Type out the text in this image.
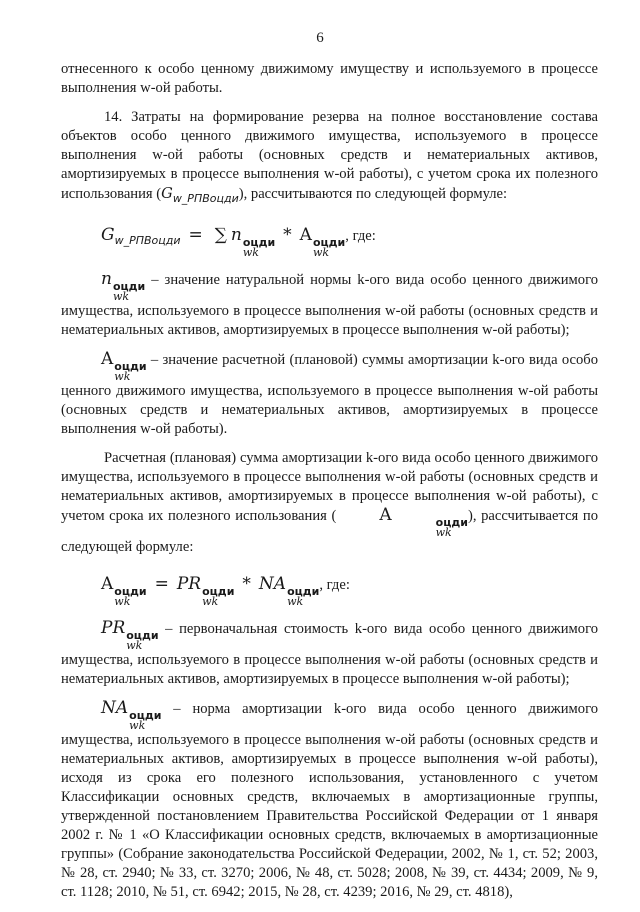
6

отнесенного к особо ценному движимому имуществу и используемого в процессе выполнения w-ой работы.

14. Затраты на формирование резерва на полное восстановление состава объектов особо ценного движимого имущества, используемого в процессе выполнения w-ой работы (основных средств и нематериальных активов, амортизируемых в процессе выполнения w-ой работы), с учетом срока их полезного использования $(G_{w\_РПВоцди})$, рассчитываются по следующей формуле:

$G_{w\_РПВоцди}$ = ∑ n оцди
wk
* A оцди
wk
, где:

n оцди
wk
– значение натуральной нормы k-ого вида особо ценного движимого имущества, используемого в процессе выполнения w-ой работы (основных средств и нематериальных активов, амортизируемых в процессе выполнения w-ой работы);

A оцди
wk
– значение расчетной (плановой) суммы амортизации k-ого вида особо ценного движимого имущества, используемого в процессе выполнения w-ой работы (основных средств и нематериальных активов, амортизируемых в процессе выполнения w-ой работы).

Расчетная (плановая) сумма амортизации k-ого вида особо ценного движимого имущества, используемого в процессе выполнения w-ой работы (основных средств и нематериальных активов, амортизируемых в процессе выполнения w-ой работы), с учетом срока их полезного использования (	A	оцди
wk
), рассчитывается по следующей формуле:

A оцди
wk
= PR оцди
wk
* NA оцди
wk
, где:

PR оцди
wk
– первоначальная стоимость k-ого вида особо ценного движимого имущества, используемого в процессе выполнения w-ой работы (основных средств и нематериальных активов, амортизируемых в процессе выполнения w-ой работы);

NA оцди
wk
– норма амортизации k-ого вида особо ценного движимого имущества, используемого в процессе выполнения w-ой работы (основных средств и нематериальных активов, амортизируемых в процессе выполнения w-ой работы), исходя из срока его полезного использования, установленного с учетом Классификации основных средств, включаемых в амортизационные группы, утвержденной постановлением Правительства Российской Федерации от 1 января 2002 г. № 1 «О Классификации основных средств, включаемых в амортизационные группы» (Собрание законодательства Российской Федерации, 2002, № 1, ст. 52; 2003, № 28, ст. 2940; № 33, ст. 3270; 2006, № 48, ст. 5028; 2008, № 39, ст. 4434; 2009, № 9, ст. 1128; 2010, № 51, ст. 6942; 2015, № 28, ст. 4239; 2016, № 29, ст. 4818),
